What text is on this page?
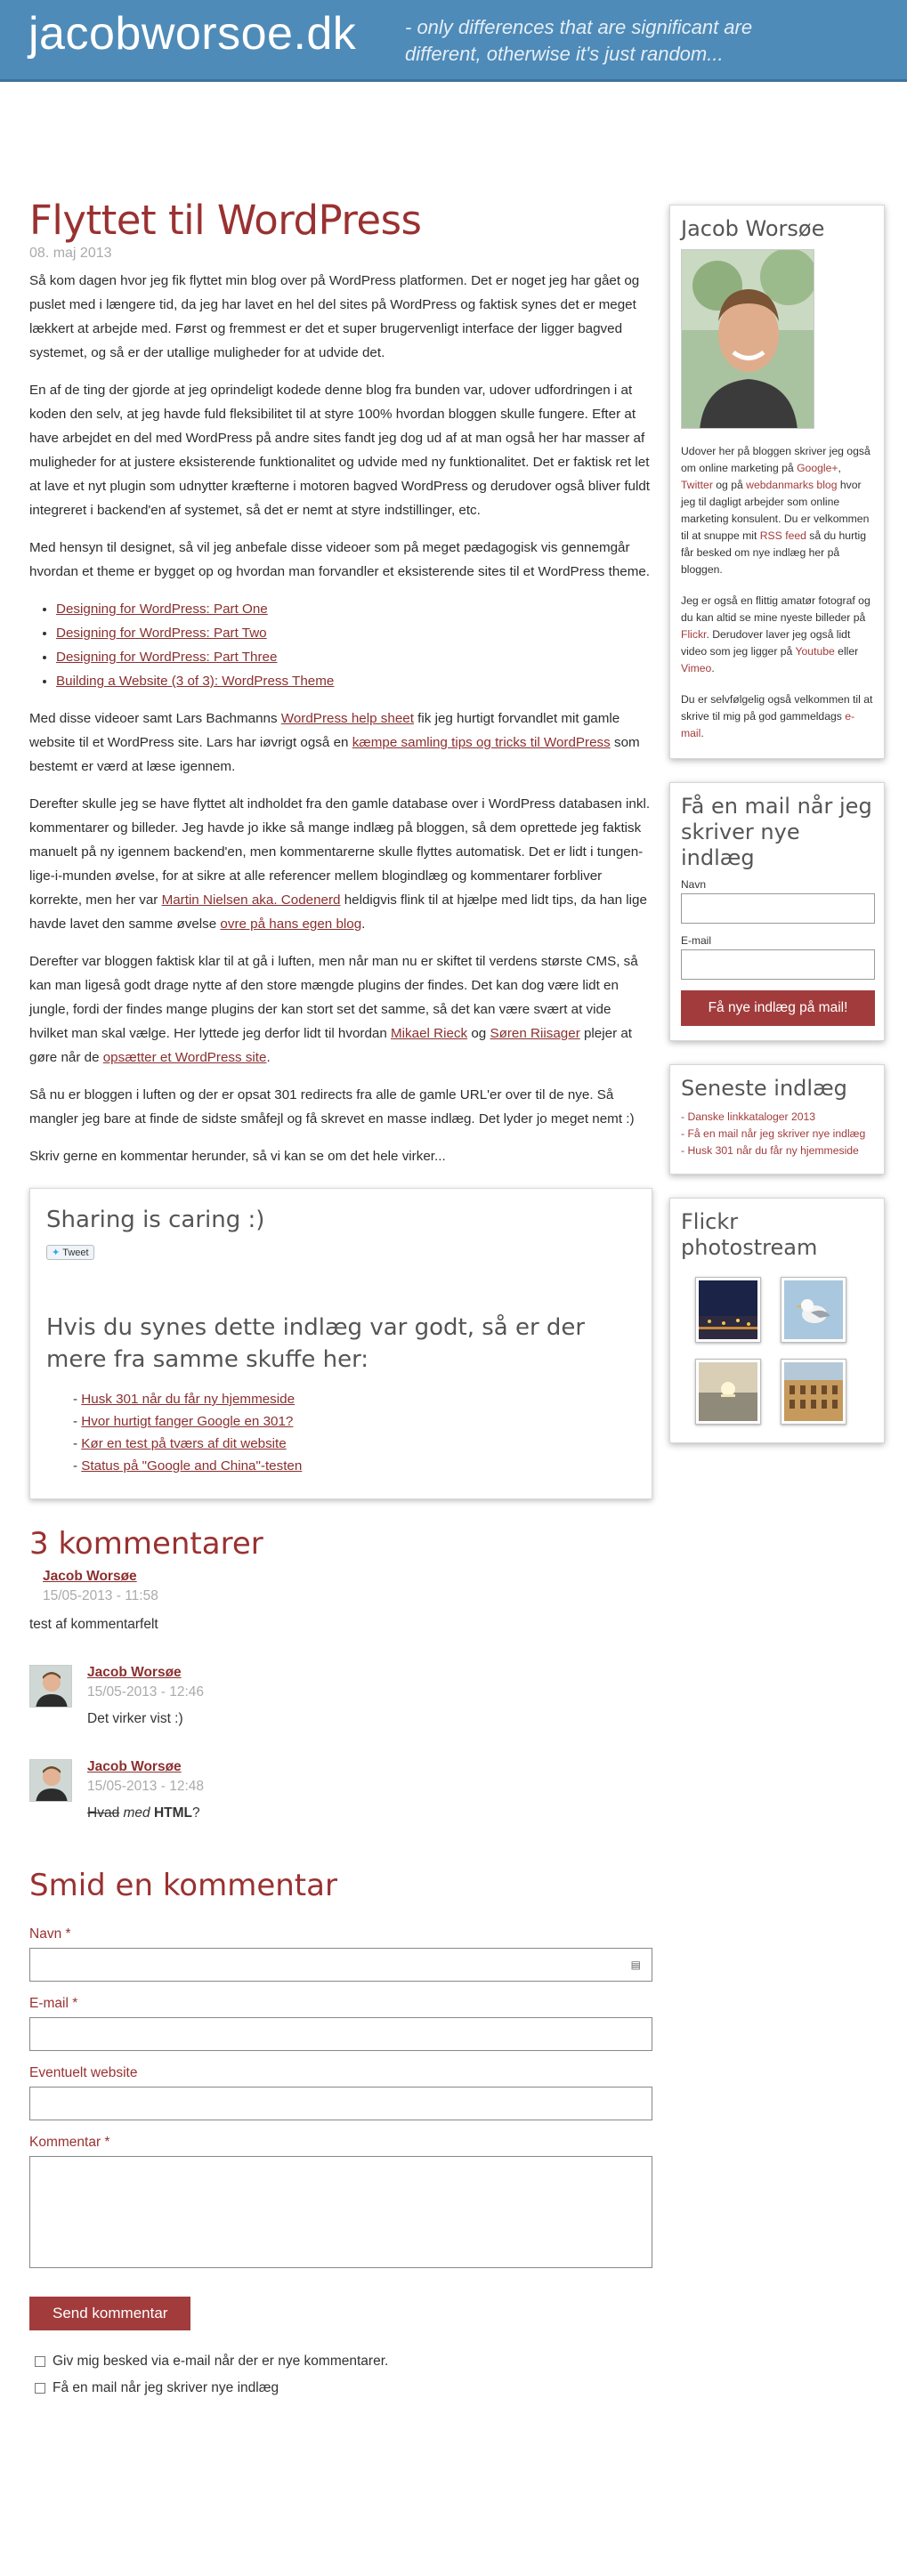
jacobworsoe.dk - only differences that are significant are different, otherwise it's just random...
Flyttet til WordPress
08. maj 2013

Så kom dagen hvor jeg fik flyttet min blog over på WordPress platformen. Det er noget jeg har gået og puslet med i længere tid, da jeg har lavet en hel del sites på WordPress og faktisk synes det er meget lækkert at arbejde med. Først og fremmest er det et super brugervenligt interface der ligger bagved systemet, og så er der utallige muligheder for at udvide det.

En af de ting der gjorde at jeg oprindeligt kodede denne blog fra bunden var, udover udfordringen i at koden den selv, at jeg havde fuld fleksibilitet til at styre 100% hvordan bloggen skulle fungere. Efter at have arbejdet en del med WordPress på andre sites fandt jeg dog ud af at man også her har masser af muligheder for at justere eksisterende funktionalitet og udvide med ny funktionalitet. Det er faktisk ret let at lave et nyt plugin som udnytter kræfterne i motoren bagved WordPress og derudover også bliver fuldt integreret i backend'en af systemet, så det er nemt at styre indstillinger, etc.

Med hensyn til designet, så vil jeg anbefale disse videoer som på meget pædagogisk vis gennemgår hvordan et theme er bygget op og hvordan man forvandler et eksisterende sites til et WordPress theme.

• Designing for WordPress: Part One
• Designing for WordPress: Part Two
• Designing for WordPress: Part Three
• Building a Website (3 of 3): WordPress Theme

Med disse videoer samt Lars Bachmanns WordPress help sheet fik jeg hurtigt forvandlet mit gamle website til et WordPress site. Lars har iøvrigt også en kæmpe samling tips og tricks til WordPress som bestemt er værd at læse igennem.

Derefter skulle jeg se have flyttet alt indholdet fra den gamle database over i WordPress databasen inkl. kommentarer og billeder. Jeg havde jo ikke så mange indlæg på bloggen, så dem oprettede jeg faktisk manuelt på ny igennem backend'en, men kommentarerne skulle flyttes automatisk. Det er lidt i tungen-lige-i-munden øvelse, for at sikre at alle referencer mellem blogindlæg og kommentarer forbliver korrekte, men her var Martin Nielsen aka. Codenerd heldigvis flink til at hjælpe med lidt tips, da han lige havde lavet den samme øvelse ovre på hans egen blog.

Derefter var bloggen faktisk klar til at gå i luften, men når man nu er skiftet til verdens største CMS, så kan man ligeså godt drage nytte af den store mængde plugins der findes. Det kan dog være lidt en jungle, fordi der findes mange plugins der kan stort set det samme, så det kan være svært at vide hvilket man skal vælge. Her lyttede jeg derfor lidt til hvordan Mikael Rieck og Søren Riisager plejer at gøre når de opsætter et WordPress site.

Så nu er bloggen i luften og der er opsat 301 redirects fra alle de gamle URL'er over til de nye. Så mangler jeg bare at finde de sidste småfejl og få skrevet en masse indlæg. Det lyder jo meget nemt :)

Skriv gerne en kommentar herunder, så vi kan se om det hele virker...

Sharing is caring :)
✦ Tweet
Hvis du synes dette indlæg var godt, så er der mere fra samme skuffe her:
- Husk 301 når du får ny hjemmeside
- Hvor hurtigt fanger Google en 301?
- Kør en test på tværs af dit website
- Status på "Google and China"-testen
3 kommentarer
Jacob Worsøe
15/05-2013 - 11:58
test af kommentarfelt
Jacob Worsøe
15/05-2013 - 12:46
Det virker vist :)
Jacob Worsøe
15/05-2013 - 12:48
Hvad med HTML?
Smid en kommentar
Navn *
▤
E-mail *
Eventuelt website
Kommentar *
Send kommentar
Giv mig besked via e-mail når der er nye kommentarer.
Få en mail når jeg skriver nye indlæg
Jacob Worsøe

Udover her på bloggen skriver jeg også om online marketing på Google+, Twitter og på webdanmarks blog hvor jeg til dagligt arbejder som online marketing konsulent. Du er velkommen til at snuppe mit RSS feed så du hurtig får besked om nye indlæg her på bloggen.

Jeg er også en flittig amatør fotograf og du kan altid se mine nyeste billeder på Flickr. Derudover laver jeg også lidt video som jeg ligger på Youtube eller Vimeo.

Du er selvfølgelig også velkommen til at skrive til mig på god gammeldags e-mail.

Få en mail når jeg skriver nye indlæg
Navn
E-mail
Få nye indlæg på mail!
Seneste indlæg
- Danske linkkataloger 2013
- Få en mail når jeg skriver nye indlæg
- Husk 301 når du får ny hjemmeside
Flickr photostream
